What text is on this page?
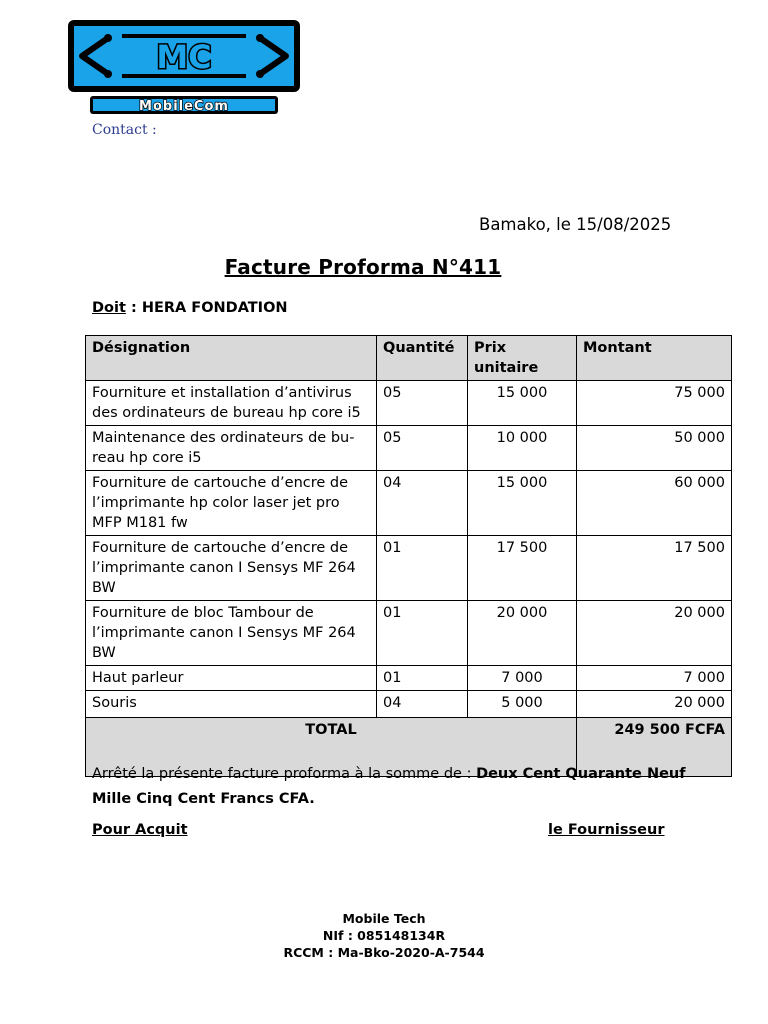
MC
MobileCom
Contact :
Bamako, le 15/08/2025
Facture Proforma N°411
Doit : HERA FONDATION
Désignation	Quantité	Prix unitaire	Montant
Fourniture et installation d’antivirus des ordinateurs de bureau hp core i5	05	15 000	75 000
Maintenance des ordinateurs de bu-reau hp core i5	05	10 000	50 000
Fourniture de cartouche d’encre de l’imprimante hp color laser jet pro MFP M181 fw	04	15 000	60 000
Fourniture de cartouche d’encre de l’imprimante canon I Sensys MF 264 BW	01	17 500	17 500
Fourniture de bloc Tambour de l’imprimante canon I Sensys MF 264 BW	01	20 000	20 000
Haut parleur	01	7 000	7 000
Souris	04	5 000	20 000
TOTAL			249 500 FCFA
Arrêté la présente facture proforma à la somme de : Deux Cent Quarante Neuf Mille Cinq Cent Francs CFA.
Pour Acquit	le Fournisseur
Mobile Tech
NIf : 085148134R
RCCM : Ma-Bko-2020-A-7544
